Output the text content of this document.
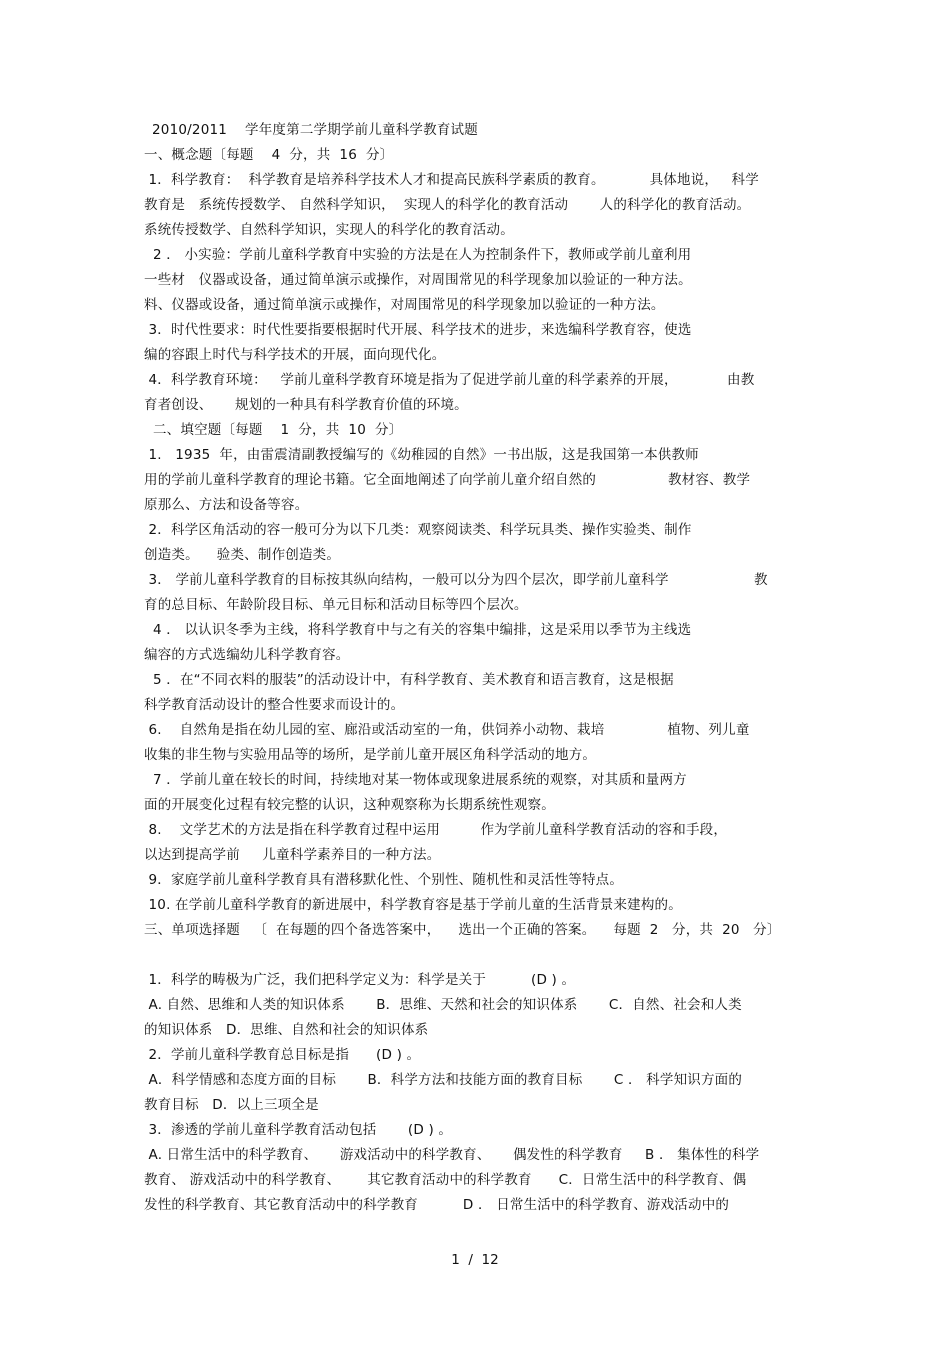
2010/2011    学年度第二学期学前儿童科学教育试题
一、概念题〔每题    4  分，共  16  分〕
1．科学教育：  科学教育是培养科学技术人才和提高民族科学素质的教育。          具体地说，   科学
教育是   系统传授数学、 自然科学知识，  实现人的科学化的教育活动       人的科学化的教育活动。
系统传授数学、自然科学知识，实现人的科学化的教育活动。
2 ． 小实验：学前儿童科学教育中实验的方法是在人为控制条件下，教师或学前儿童利用
一些材   仪器或设备，通过简单演示或操作，对周围常见的科学现象加以验证的一种方法。
料、仪器或设备，通过简单演示或操作，对周围常见的科学现象加以验证的一种方法。
3．时代性要求：时代性要指要根据时代开展、科学技术的进步，来选编科学教育容，使选
编的容跟上时代与科学技术的开展，面向现代化。
4．科学教育环境：   学前儿童科学教育环境是指为了促进学前儿童的科学素养的开展，           由教
育者创设、     规划的一种具有科学教育价值的环境。
二、填空题〔每题    1  分，共  10  分〕
1.   1935  年，由雷震清副教授编写的《幼稚园的自然》一书出版，这是我国第一本供教师
用的学前儿童科学教育的理论书籍。它全面地阐述了向学前儿童介绍自然的                教材容、教学
原那么、方法和设备等容。
2．科学区角活动的容一般可分为以下几类：观察阅读类、科学玩具类、操作实验类、制作
创造类。    验类、制作创造类。
3． 学前儿童科学教育的目标按其纵向结构，一般可以分为四个层次，即学前儿童科学                   教
育的总目标、年龄阶段目标、单元目标和活动目标等四个层次。
4 ． 以认识冬季为主线，将科学教育中与之有关的容集中编排，这是采用以季节为主线选
编容的方式选编幼儿科学教育容。
5 ．在“不同衣料的服装”的活动设计中，有科学教育、美术教育和语言教育，这是根据
科学教育活动设计的整合性要求而设计的。
6.    自然角是指在幼儿园的室、廊沿或活动室的一角，供饲养小动物、栽培              植物、列儿童
收集的非生物与实验用品等的场所，是学前儿童开展区角科学活动的地方。
7 ．学前儿童在较长的时间，持续地对某一物体或现象进展系统的观察，对其质和量两方
面的开展变化过程有较完整的认识，这种观察称为长期系统性观察。
8.    文学艺术的方法是指在科学教育过程中运用         作为学前儿童科学教育活动的容和手段，
以达到提高学前     儿童科学素养目的一种方法。
9．家庭学前儿童科学教育具有潜移默化性、个别性、随机性和灵活性等特点。
10. 在学前儿童科学教育的新进展中，科学教育容是基于学前儿童的生活背景来建构的。
三、单项选择题   〔  在每题的四个备选答案中，    选出一个正确的答案。    每题  2   分，共  20   分〕
1．科学的畴极为广泛，我们把科学定义为：科学是关于          (D ) 。
A. 自然、思维和人类的知识体系       B．思维、天然和社会的知识体系       C．自然、社会和人类
的知识体系   D．思维、自然和社会的知识体系
2．学前儿童科学教育总目标是指      (D ) 。
A．科学情感和态度方面的目标       B．科学方法和技能方面的教育目标       C ． 科学知识方面的
教育目标   D．以上三项全是
3．渗透的学前儿童科学教育活动包括       (D ) 。
A. 日常生活中的科学教育、     游戏活动中的科学教育、     偶发性的科学教育     B ． 集体性的科学
教育、 游戏活动中的科学教育、      其它教育活动中的科学教育      C．日常生活中的科学教育、偶
发性的科学教育、其它教育活动中的科学教育          D ． 日常生活中的科学教育、游戏活动中的
1  /  12
